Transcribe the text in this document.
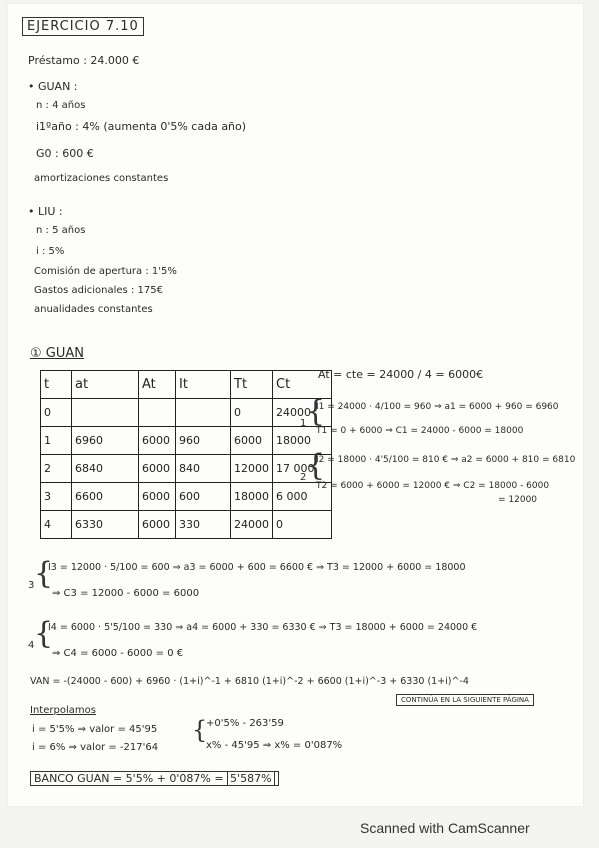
EJERCICIO 7.10
Préstamo : 24.000 €
• GUAN :
n : 4 años
i1ºaño : 4% (aumenta 0'5% cada año)
G0 : 600 €
amortizaciones constantes
• LIU :
n : 5 años
i : 5%
Comisión de apertura : 1'5%
Gastos adicionales : 175€
anualidades constantes
① GUAN
t	at	At	It	Tt	Ct
0				0	24000
1	6960	6000	960	6000	18000
2	6840	6000	840	12000	17 000
3	6600	6000	600	18000	6 000
4	6330	6000	330	24000	0
At = cte = 24000 / 4 = 6000€
1 {
I1 = 24000 · 4/100 = 960 ⇒ a1 = 6000 + 960 = 6960
T1 = 0 + 6000 ⇒ C1 = 24000 - 6000 = 18000
2 {
I2 = 18000 · 4'5/100 = 810 € ⇒ a2 = 6000 + 810 = 6810
T2 = 6000 + 6000 = 12000 € ⇒ C2 = 18000 - 6000
= 12000
3 {
I3 = 12000 · 5/100 = 600 ⇒ a3 = 6000 + 600 = 6600 € ⇒ T3 = 12000 + 6000 = 18000
⇒ C3 = 12000 - 6000 = 6000
4 {
I4 = 6000 · 5'5/100 = 330 ⇒ a4 = 6000 + 330 = 6330 € ⇒ T3 = 18000 + 6000 = 24000 €
⇒ C4 = 6000 - 6000 = 0 €
VAN = -(24000 - 600) + 6960 · (1+i)^-1 + 6810 (1+i)^-2 + 6600 (1+i)^-3 + 6330 (1+i)^-4
CONTINÚA EN LA SIGUIENTE PÁGINA
Interpolamos
i = 5'5% ⇒ valor = 45'95
i = 6% ⇒ valor = -217'64
{
+0'5% - 263'59
x% - 45'95 ⇒ x% = 0'087%
BANCO GUAN = 5'5% + 0'087% = 5'587%
Scanned with CamScanner
